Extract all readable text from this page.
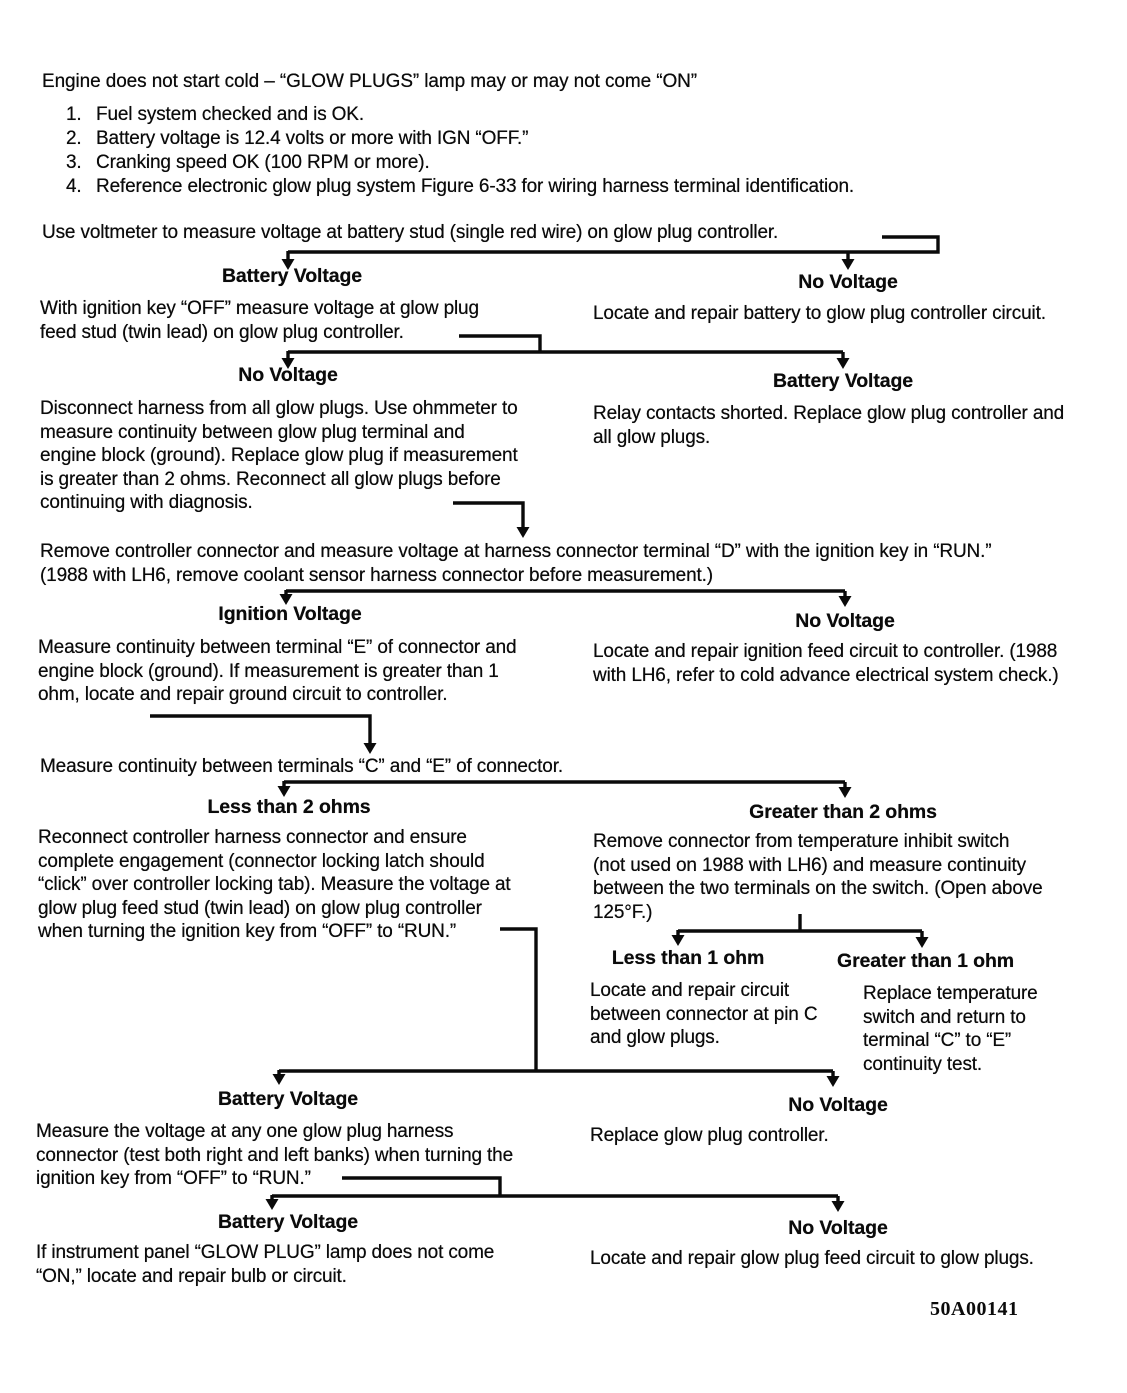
Engine does not start cold – “GLOW PLUGS” lamp may or may not come “ON”
1. Fuel system checked and is OK.
2. Battery voltage is 12.4 volts or more with IGN “OFF.”
3. Cranking speed OK (100 RPM or more).
4. Reference electronic glow plug system Figure 6-33 for wiring harness terminal identification.
Use voltmeter to measure voltage at battery stud (single red wire) on glow plug controller.
Battery Voltage	No Voltage
With ignition key “OFF” measure voltage at glow plug feed stud (twin lead) on glow plug controller.
Locate and repair battery to glow plug controller circuit.
No Voltage	Battery Voltage
Disconnect harness from all glow plugs. Use ohmmeter to measure continuity between glow plug terminal and engine block (ground). Replace glow plug if measurement is greater than 2 ohms. Reconnect all glow plugs before continuing with diagnosis.
Relay contacts shorted. Replace glow plug controller and all glow plugs.
Remove controller connector and measure voltage at harness connector terminal “D” with the ignition key in “RUN.”
(1988 with LH6, remove coolant sensor harness connector before measurement.)
Ignition Voltage	No Voltage
Measure continuity between terminal “E” of connector and engine block (ground). If measurement is greater than 1 ohm, locate and repair ground circuit to controller.
Locate and repair ignition feed circuit to controller. (1988 with LH6, refer to cold advance electrical system check.)
Measure continuity between terminals “C” and “E” of connector.
Less than 2 ohms	Greater than 2 ohms
Reconnect controller harness connector and ensure complete engagement (connector locking latch should “click” over controller locking tab). Measure the voltage at glow plug feed stud (twin lead) on glow plug controller when turning the ignition key from “OFF” to “RUN.”
Remove connector from temperature inhibit switch (not used on 1988 with LH6) and measure continuity between the two terminals on the switch. (Open above 125°F.)
Less than 1 ohm	Greater than 1 ohm
Locate and repair circuit between connector at pin C and glow plugs.
Replace temperature switch and return to terminal “C” to “E” continuity test.
Battery Voltage	No Voltage
Measure the voltage at any one glow plug harness connector (test both right and left banks) when turning the ignition key from “OFF” to “RUN.”
Replace glow plug controller.
Battery Voltage	No Voltage
If instrument panel “GLOW PLUG” lamp does not come “ON,” locate and repair bulb or circuit.
Locate and repair glow plug feed circuit to glow plugs.
50A00141
